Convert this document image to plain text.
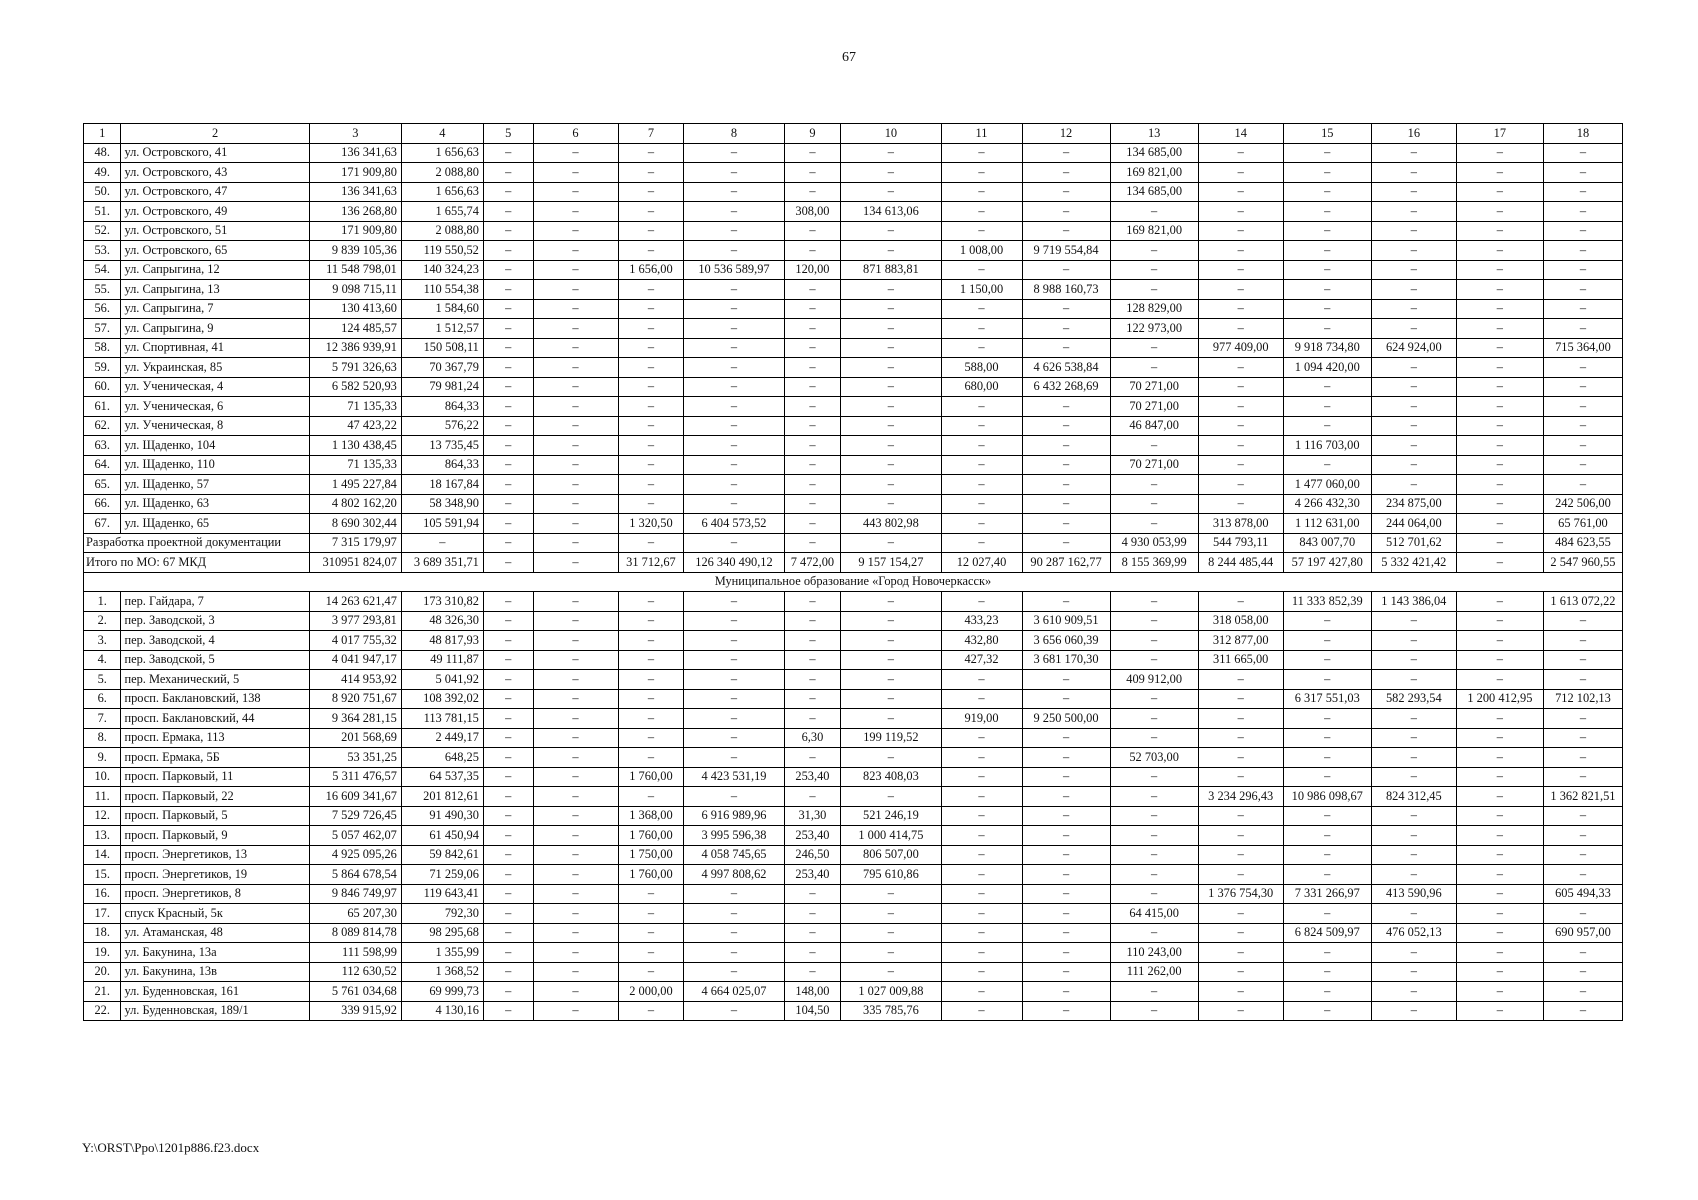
67
1	2	3	4	5	6	7	8	9	10	11	12	13	14	15	16	17	18
48.	ул. Островского, 41	136 341,63	1 656,63	–	–	–	–	–	–	–	–	134 685,00	–	–	–	–	–
49.	ул. Островского, 43	171 909,80	2 088,80	–	–	–	–	–	–	–	–	169 821,00	–	–	–	–	–
50.	ул. Островского, 47	136 341,63	1 656,63	–	–	–	–	–	–	–	–	134 685,00	–	–	–	–	–
51.	ул. Островского, 49	136 268,80	1 655,74	–	–	–	–	308,00	134 613,06	–	–	–	–	–	–	–	–
52.	ул. Островского, 51	171 909,80	2 088,80	–	–	–	–	–	–	–	–	169 821,00	–	–	–	–	–
53.	ул. Островского, 65	9 839 105,36	119 550,52	–	–	–	–	–	–	1 008,00	9 719 554,84	–	–	–	–	–	–
54.	ул. Сапрыгина, 12	11 548 798,01	140 324,23	–	–	1 656,00	10 536 589,97	120,00	871 883,81	–	–	–	–	–	–	–	–
55.	ул. Сапрыгина, 13	9 098 715,11	110 554,38	–	–	–	–	–	–	1 150,00	8 988 160,73	–	–	–	–	–	–
56.	ул. Сапрыгина, 7	130 413,60	1 584,60	–	–	–	–	–	–	–	–	128 829,00	–	–	–	–	–
57.	ул. Сапрыгина, 9	124 485,57	1 512,57	–	–	–	–	–	–	–	–	122 973,00	–	–	–	–	–
58.	ул. Спортивная, 41	12 386 939,91	150 508,11	–	–	–	–	–	–	–	–	–	977 409,00	9 918 734,80	624 924,00	–	715 364,00
59.	ул. Украинская, 85	5 791 326,63	70 367,79	–	–	–	–	–	–	588,00	4 626 538,84	–	–	1 094 420,00	–	–	–
60.	ул. Ученическая, 4	6 582 520,93	79 981,24	–	–	–	–	–	–	680,00	6 432 268,69	70 271,00	–	–	–	–	–
61.	ул. Ученическая, 6	71 135,33	864,33	–	–	–	–	–	–	–	–	70 271,00	–	–	–	–	–
62.	ул. Ученическая, 8	47 423,22	576,22	–	–	–	–	–	–	–	–	46 847,00	–	–	–	–	–
63.	ул. Щаденко, 104	1 130 438,45	13 735,45	–	–	–	–	–	–	–	–	–	–	1 116 703,00	–	–	–
64.	ул. Щаденко, 110	71 135,33	864,33	–	–	–	–	–	–	–	–	70 271,00	–	–	–	–	–
65.	ул. Щаденко, 57	1 495 227,84	18 167,84	–	–	–	–	–	–	–	–	–	–	1 477 060,00	–	–	–
66.	ул. Щаденко, 63	4 802 162,20	58 348,90	–	–	–	–	–	–	–	–	–	–	4 266 432,30	234 875,00	–	242 506,00
67.	ул. Щаденко, 65	8 690 302,44	105 591,94	–	–	1 320,50	6 404 573,52	–	443 802,98	–	–	–	313 878,00	1 112 631,00	244 064,00	–	65 761,00
Разработка проектной документации		7 315 179,97	–	–	–	–	–	–	–	–	–	4 930 053,99	544 793,11	843 007,70	512 701,62	–	484 623,55
Итого по МО: 67 МКД		310951 824,07	3 689 351,71	–	–	31 712,67	126 340 490,12	7 472,00	9 157 154,27	12 027,40	90 287 162,77	8 155 369,99	8 244 485,44	57 197 427,80	5 332 421,42	–	2 547 960,55
Муниципальное образование «Город Новочеркасск»																	
1.	пер. Гайдара, 7	14 263 621,47	173 310,82	–	–	–	–	–	–	–	–	–	–	11 333 852,39	1 143 386,04	–	1 613 072,22
2.	пер. Заводской, 3	3 977 293,81	48 326,30	–	–	–	–	–	–	433,23	3 610 909,51	–	318 058,00	–	–	–	–
3.	пер. Заводской, 4	4 017 755,32	48 817,93	–	–	–	–	–	–	432,80	3 656 060,39	–	312 877,00	–	–	–	–
4.	пер. Заводской, 5	4 041 947,17	49 111,87	–	–	–	–	–	–	427,32	3 681 170,30	–	311 665,00	–	–	–	–
5.	пер. Механический, 5	414 953,92	5 041,92	–	–	–	–	–	–	–	–	409 912,00	–	–	–	–	–
6.	просп. Баклановский, 138	8 920 751,67	108 392,02	–	–	–	–	–	–	–	–	–	–	6 317 551,03	582 293,54	1 200 412,95	712 102,13
7.	просп. Баклановский, 44	9 364 281,15	113 781,15	–	–	–	–	–	–	919,00	9 250 500,00	–	–	–	–	–	–
8.	просп. Ермака, 113	201 568,69	2 449,17	–	–	–	–	6,30	199 119,52	–	–	–	–	–	–	–	–
9.	просп. Ермака, 5Б	53 351,25	648,25	–	–	–	–	–	–	–	–	52 703,00	–	–	–	–	–
10.	просп. Парковый, 11	5 311 476,57	64 537,35	–	–	1 760,00	4 423 531,19	253,40	823 408,03	–	–	–	–	–	–	–	–
11.	просп. Парковый, 22	16 609 341,67	201 812,61	–	–	–	–	–	–	–	–	–	3 234 296,43	10 986 098,67	824 312,45	–	1 362 821,51
12.	просп. Парковый, 5	7 529 726,45	91 490,30	–	–	1 368,00	6 916 989,96	31,30	521 246,19	–	–	–	–	–	–	–	–
13.	просп. Парковый, 9	5 057 462,07	61 450,94	–	–	1 760,00	3 995 596,38	253,40	1 000 414,75	–	–	–	–	–	–	–	–
14.	просп. Энергетиков, 13	4 925 095,26	59 842,61	–	–	1 750,00	4 058 745,65	246,50	806 507,00	–	–	–	–	–	–	–	–
15.	просп. Энергетиков, 19	5 864 678,54	71 259,06	–	–	1 760,00	4 997 808,62	253,40	795 610,86	–	–	–	–	–	–	–	–
16.	просп. Энергетиков, 8	9 846 749,97	119 643,41	–	–	–	–	–	–	–	–	–	1 376 754,30	7 331 266,97	413 590,96	–	605 494,33
17.	спуск Красный, 5к	65 207,30	792,30	–	–	–	–	–	–	–	–	64 415,00	–	–	–	–	–
18.	ул. Атаманская, 48	8 089 814,78	98 295,68	–	–	–	–	–	–	–	–	–	–	6 824 509,97	476 052,13	–	690 957,00
19.	ул. Бакунина, 13а	111 598,99	1 355,99	–	–	–	–	–	–	–	–	110 243,00	–	–	–	–	–
20.	ул. Бакунина, 13в	112 630,52	1 368,52	–	–	–	–	–	–	–	–	111 262,00	–	–	–	–	–
21.	ул. Буденновская, 161	5 761 034,68	69 999,73	–	–	2 000,00	4 664 025,07	148,00	1 027 009,88	–	–	–	–	–	–	–	–
22.	ул. Буденновская, 189/1	339 915,92	4 130,16	–	–	–	–	104,50	335 785,76	–	–	–	–	–	–	–	–
Y:\ORST\Ppo\1201p886.f23.docx
